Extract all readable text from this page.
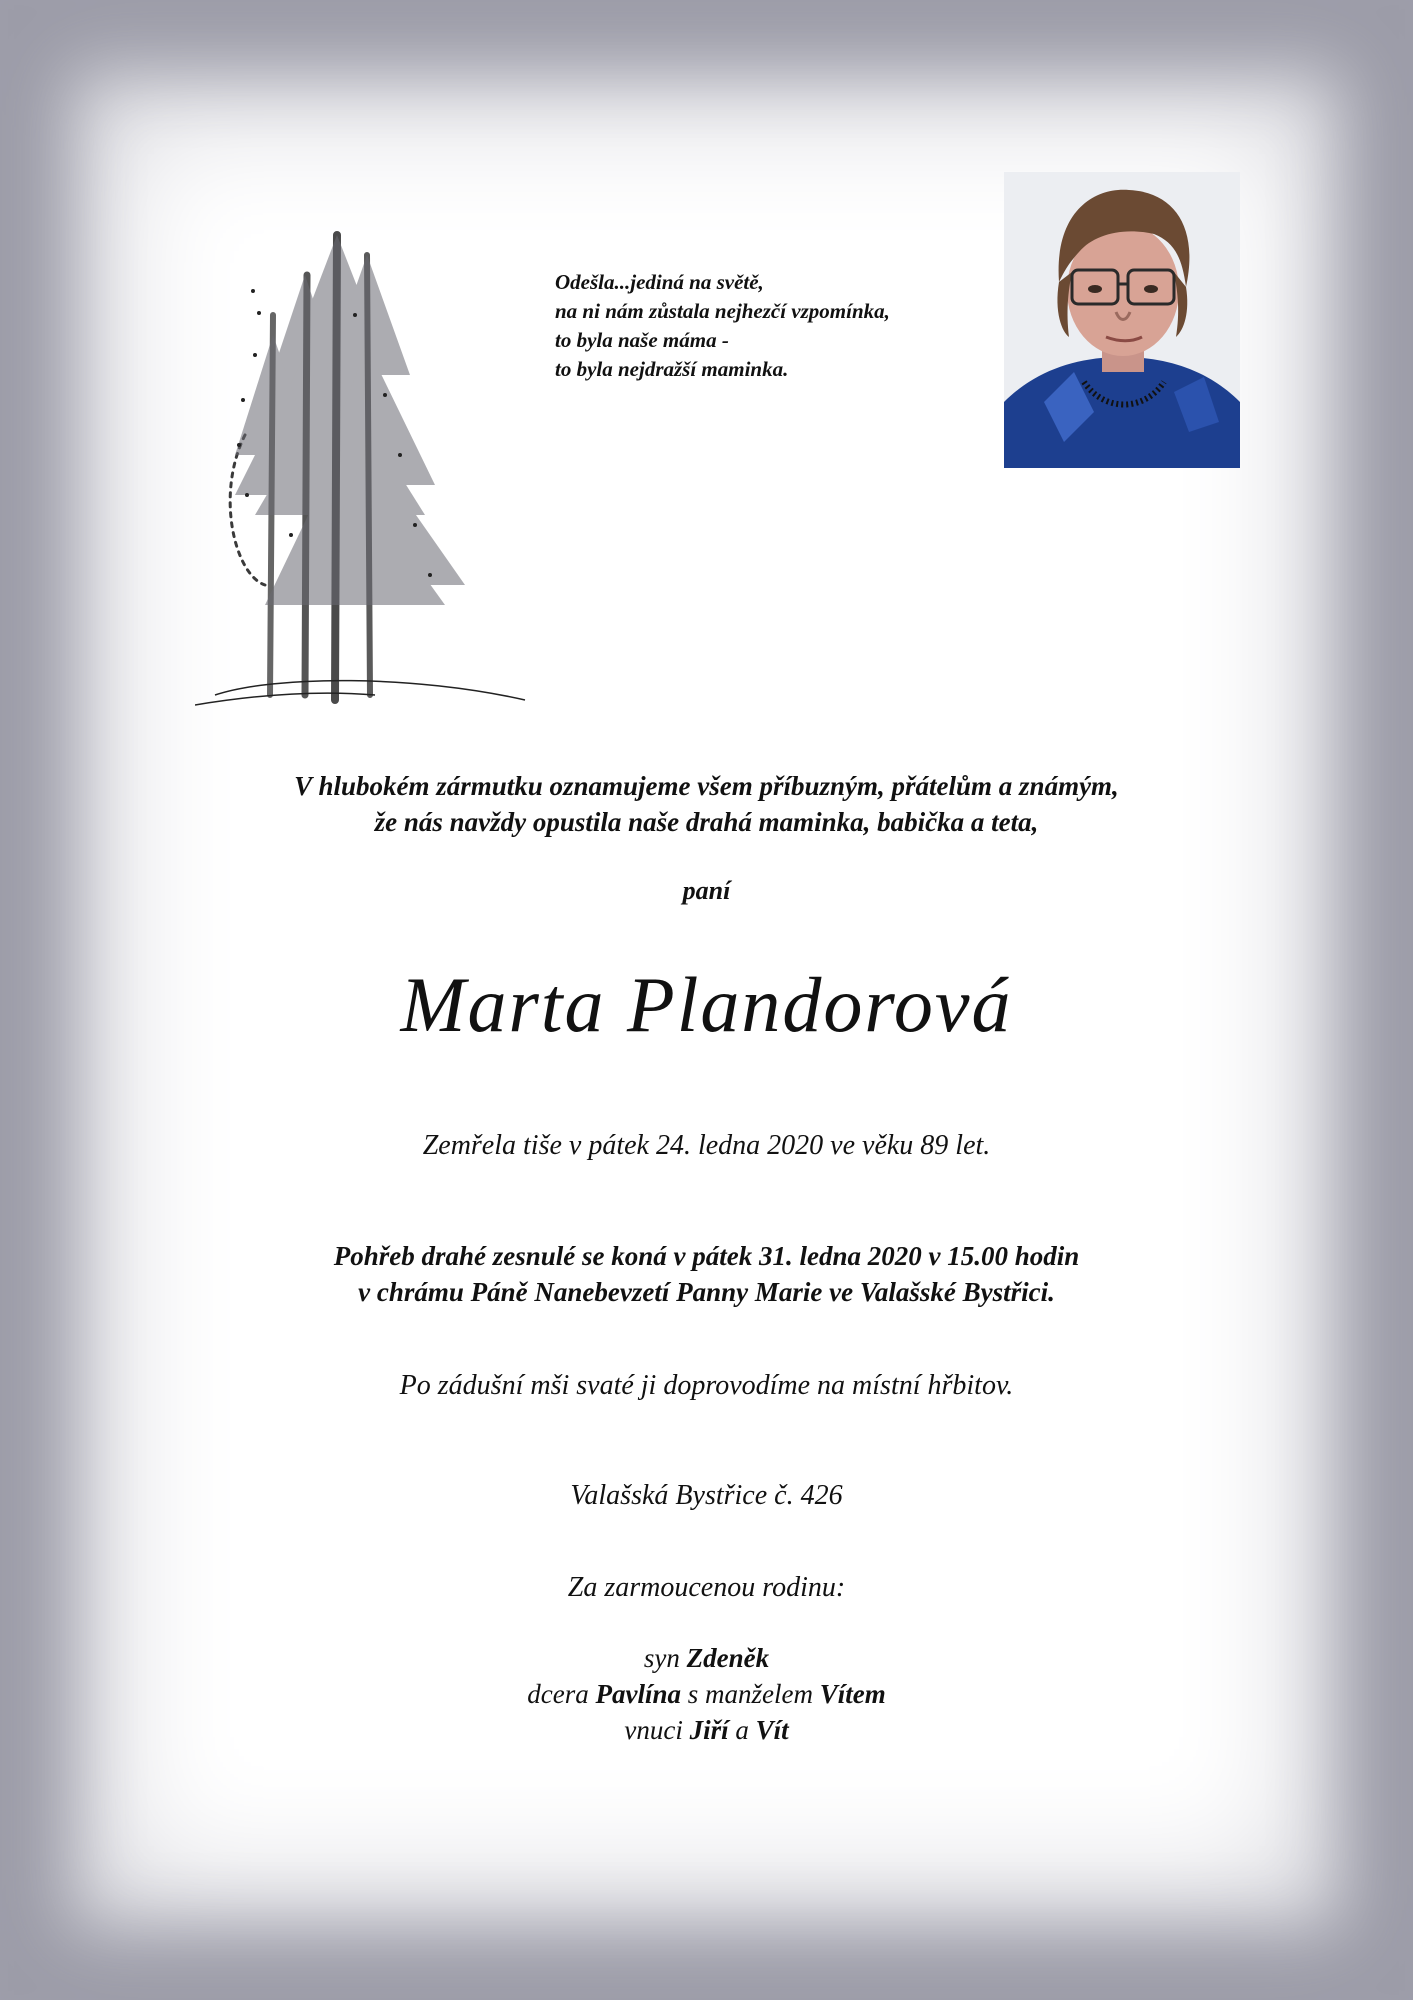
Odešla...jediná na světě,
na ni nám zůstala nejhezčí vzpomínka,
to byla naše máma -
to byla nejdražší maminka.
V hlubokém zármutku oznamujeme všem příbuzným, přátelům a známým,
že nás navždy opustila naše drahá maminka, babička a teta,
paní
Marta Plandorová
Zemřela tiše v pátek 24. ledna 2020 ve věku 89 let.
Pohřeb drahé zesnulé se koná v pátek 31. ledna 2020 v 15.00 hodin
v chrámu Páně Nanebevzetí Panny Marie ve Valašské Bystřici.
Po zádušní mši svaté ji doprovodíme na místní hřbitov.
Valašská Bystřice č. 426
Za zarmoucenou rodinu:
syn Zdeněk
dcera Pavlína s manželem Vítem
vnuci Jiří a Vít
